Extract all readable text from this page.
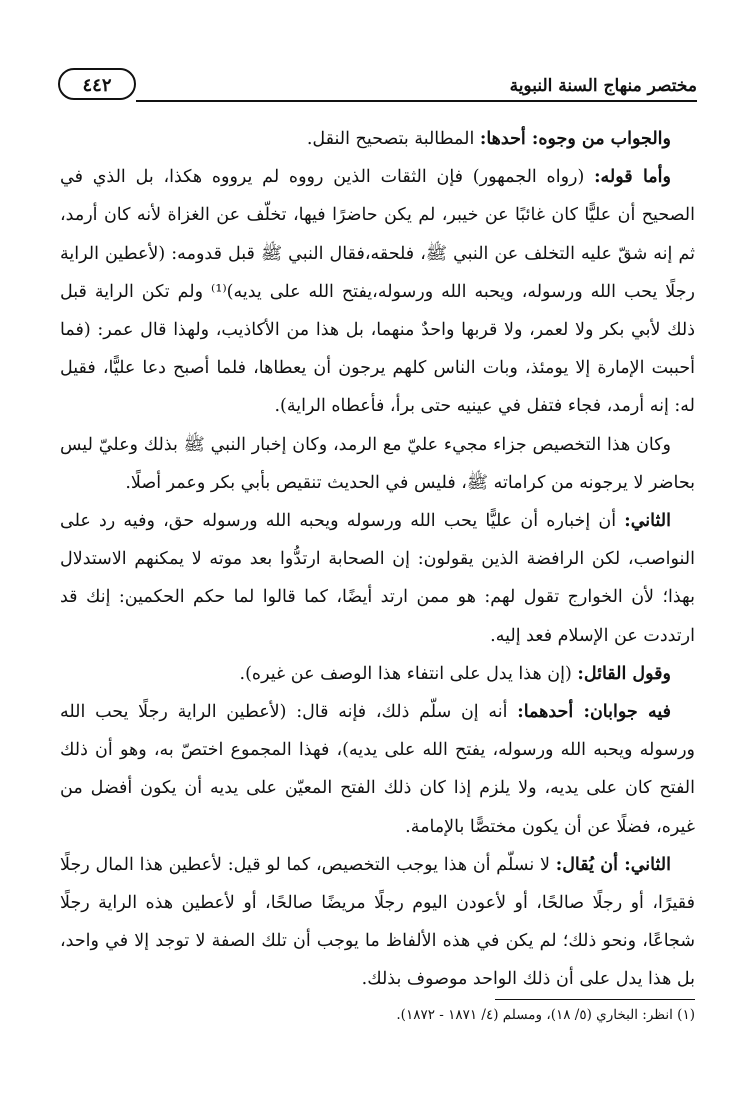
مختصر منهاج السنة النبوية
٤٤٢

والجواب من وجوه: أحدها: المطالبة بتصحيح النقل.

وأما قوله: (رواه الجمهور) فإن الثقات الذين رووه لم يرووه هكذا، بل الذي في الصحيح أن عليًّا كان غائبًا عن خيبر، لم يكن حاضرًا فيها، تخلّف عن الغزاة لأنه كان أرمد، ثم إنه شقّ عليه التخلف عن النبي ﷺ، فلحقه،فقال النبي ﷺ قبل قدومه: (لأعطين الراية رجلًا يحب الله ورسوله، ويحبه الله ورسوله،يفتح الله على يديه)⁽¹⁾ ولم تكن الراية قبل ذلك لأبي بكر ولا لعمر، ولا قربها واحدٌ منهما، بل هذا من الأكاذيب، ولهذا قال عمر: (فما أحببت الإمارة إلا يومئذ، وبات الناس كلهم يرجون أن يعطاها، فلما أصبح دعا عليًّا، فقيل له: إنه أرمد، فجاء فتفل في عينيه حتى برأ، فأعطاه الراية).

وكان هذا التخصيص جزاء مجيء عليّ مع الرمد، وكان إخبار النبي ﷺ بذلك وعليّ ليس بحاضر لا يرجونه من كراماته ﷺ، فليس في الحديث تنقيص بأبي بكر وعمر أصلًا.

الثاني: أن إخباره أن عليًّا يحب الله ورسوله ويحبه الله ورسوله حق، وفيه رد على النواصب، لكن الرافضة الذين يقولون: إن الصحابة ارتدُّوا بعد موته لا يمكنهم الاستدلال بهذا؛ لأن الخوارج تقول لهم: هو ممن ارتد أيضًا، كما قالوا لما حكم الحكمين: إنك قد ارتددت عن الإسلام فعد إليه.

وقول القائل: (إن هذا يدل على انتفاء هذا الوصف عن غيره).

فيه جوابان: أحدهما: أنه إن سلّم ذلك، فإنه قال: (لأعطين الراية رجلًا يحب الله ورسوله ويحبه الله ورسوله، يفتح الله على يديه)، فهذا المجموع اختصّ به، وهو أن ذلك الفتح كان على يديه، ولا يلزم إذا كان ذلك الفتح المعيّن على يديه أن يكون أفضل من غيره، فضلًا عن أن يكون مختصًّا بالإمامة.

الثاني: أن يُقال: لا نسلّم أن هذا يوجب التخصيص، كما لو قيل: لأعطين هذا المال رجلًا فقيرًا، أو رجلًا صالحًا، أو لأعودن اليوم رجلًا مريضًا صالحًا، أو لأعطين هذه الراية رجلًا شجاعًا، ونحو ذلك؛ لم يكن في هذه الألفاظ ما يوجب أن تلك الصفة لا توجد إلا في واحد، بل هذا يدل على أن ذلك الواحد موصوف بذلك.

(١) انظر: البخاري (٥/ ١٨)، ومسلم (٤/ ١٨٧١ - ١٨٧٢).
